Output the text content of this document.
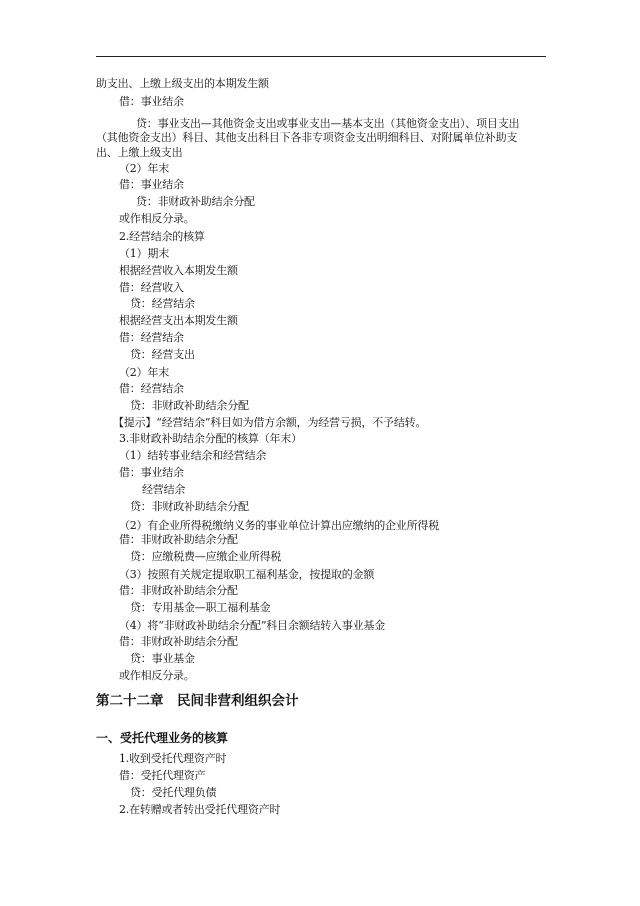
助支出、上缴上级支出的本期发生额
借：事业结余
贷：事业支出—其他资金支出或事业支出—基本支出（其他资金支出）、项目支出
（其他资金支出）科目、其他支出科目下各非专项资金支出明细科目、对附属单位补助支
出、上缴上级支出
（2）年末
借：事业结余
贷：非财政补助结余分配
或作相反分录。
2.经营结余的核算
（1）期末
根据经营收入本期发生额
借：经营收入
贷：经营结余
根据经营支出本期发生额
借：经营结余
贷：经营支出
（2）年末
借：经营结余
贷：非财政补助结余分配
【提示】“经营结余”科目如为借方余额，为经营亏损，不予结转。
3.非财政补助结余分配的核算（年末）
（1）结转事业结余和经营结余
借：事业结余
经营结余
贷：非财政补助结余分配
（2）有企业所得税缴纳义务的事业单位计算出应缴纳的企业所得税
借：非财政补助结余分配
贷：应缴税费—应缴企业所得税
（3）按照有关规定提取职工福利基金，按提取的金额
借：非财政补助结余分配
贷：专用基金—职工福利基金
（4）将“非财政补助结余分配”科目余额结转入事业基金
借：非财政补助结余分配
贷：事业基金
或作相反分录。
第二十二章　民间非营利组织会计
一、受托代理业务的核算
1.收到受托代理资产时
借：受托代理资产
贷：受托代理负债
2.在转赠或者转出受托代理资产时
